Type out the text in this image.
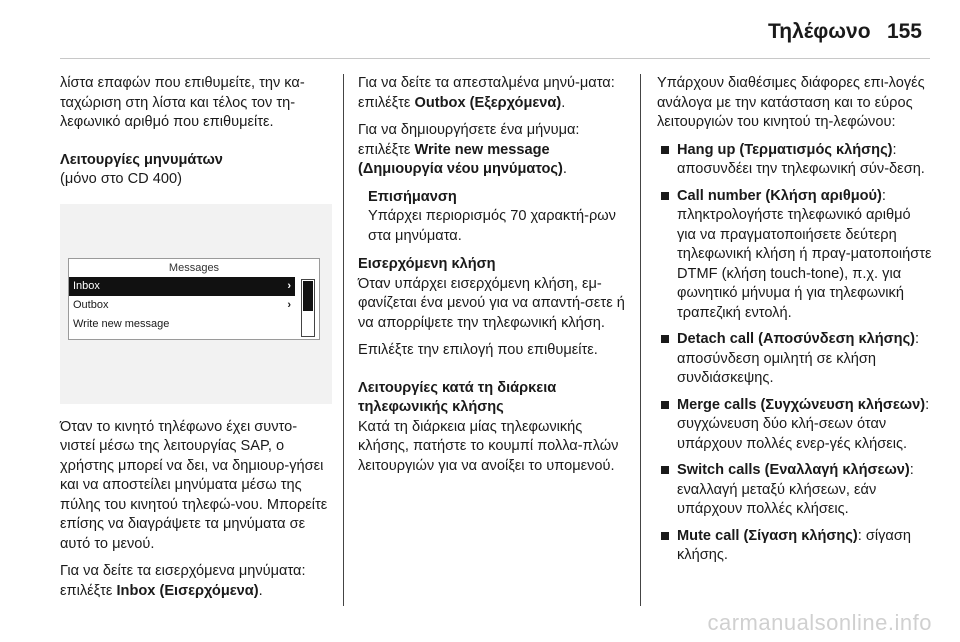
Τηλέφωνο 155

λίστα επαφών που επιθυμείτε, την κα-ταχώριση στη λίστα και τέλος τον τη-λεφωνικό αριθμό που επιθυμείτε.

Λειτουργίες μηνυμάτων

(μόνο στο CD 400)

Messages
Inbox	›
Outbox	›
Write new message

Όταν το κινητό τηλέφωνο έχει συντο-νιστεί μέσω της λειτουργίας SAP, ο χρήστης μπορεί να δει, να δημιουρ-γήσει και να αποστείλει μηνύματα μέσω της πύλης του κινητού τηλεφώ-νου. Μπορείτε επίσης να διαγράψετε τα μηνύματα σε αυτό το μενού.

Για να δείτε τα εισερχόμενα μηνύματα: επιλέξτε Inbox (Εισερχόμενα).

Για να δείτε τα απεσταλμένα μηνύ-ματα: επιλέξτε Outbox (Εξερχόμενα).

Για να δημιουργήσετε ένα μήνυμα: επιλέξτε Write new message (Δημιουργία νέου μηνύματος).

Επισήμανση
Υπάρχει περιορισμός 70 χαρακτή-ρων στα μηνύματα.

Εισερχόμενη κλήση

Όταν υπάρχει εισερχόμενη κλήση, εμ-φανίζεται ένα μενού για να απαντή-σετε ή να απορρίψετε την τηλεφωνική κλήση.

Επιλέξτε την επιλογή που επιθυμείτε.

Λειτουργίες κατά τη διάρκεια τηλεφωνικής κλήσης

Κατά τη διάρκεια μίας τηλεφωνικής κλήσης, πατήστε το κουμπί πολλα-πλών λειτουργιών για να ανοίξει το υπομενού.

Υπάρχουν διαθέσιμες διάφορες επι-λογές ανάλογα με την κατάσταση και το εύρος λειτουργιών του κινητού τη-λεφώνου:

Hang up (Τερματισμός κλήσης): αποσυνδέει την τηλεφωνική σύν-δεση.
Call number (Κλήση αριθμού): πληκτρολογήστε τηλεφωνικό αριθμό για να πραγματοποιήσετε δεύτερη τηλεφωνική κλήση ή πραγ-ματοποιήστε DTMF (κλήση touch-tone), π.χ. για φωνητικό μήνυμα ή για τηλεφωνική τραπεζική εντολή.
Detach call (Αποσύνδεση κλήσης): αποσύνδεση ομιλητή σε κλήση συνδιάσκεψης.
Merge calls (Συγχώνευση κλήσεων): συγχώνευση δύο κλή-σεων όταν υπάρχουν πολλές ενερ-γές κλήσεις.
Switch calls (Εναλλαγή κλήσεων): εναλλαγή μεταξύ κλήσεων, εάν υπάρχουν πολλές κλήσεις.
Mute call (Σίγαση κλήσης): σίγαση κλήσης.
carmanualsonline.info
